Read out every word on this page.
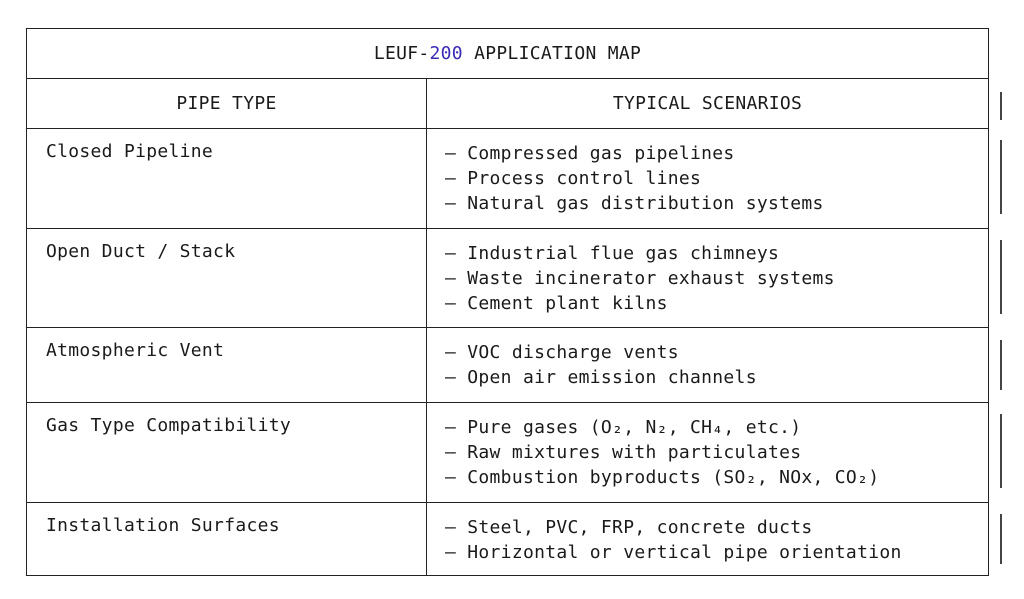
LEUF- 200 APPLICATION MAP
PIPE TYPE	TYPICAL SCENARIOS
Closed Pipeline	– Compressed gas pipelines
– Process control lines
– Natural gas distribution systems
Open Duct / Stack	– Industrial flue gas chimneys
– Waste incinerator exhaust systems
– Cement plant kilns
Atmospheric Vent	– VOC discharge vents
– Open air emission channels
Gas Type Compatibility	– Pure gases (O₂, N₂, CH₄, etc.)
– Raw mixtures with particulates
– Combustion byproducts (SO₂, NOx, CO₂)
Installation Surfaces	– Steel, PVC, FRP, concrete ducts
– Horizontal or vertical pipe orientation
